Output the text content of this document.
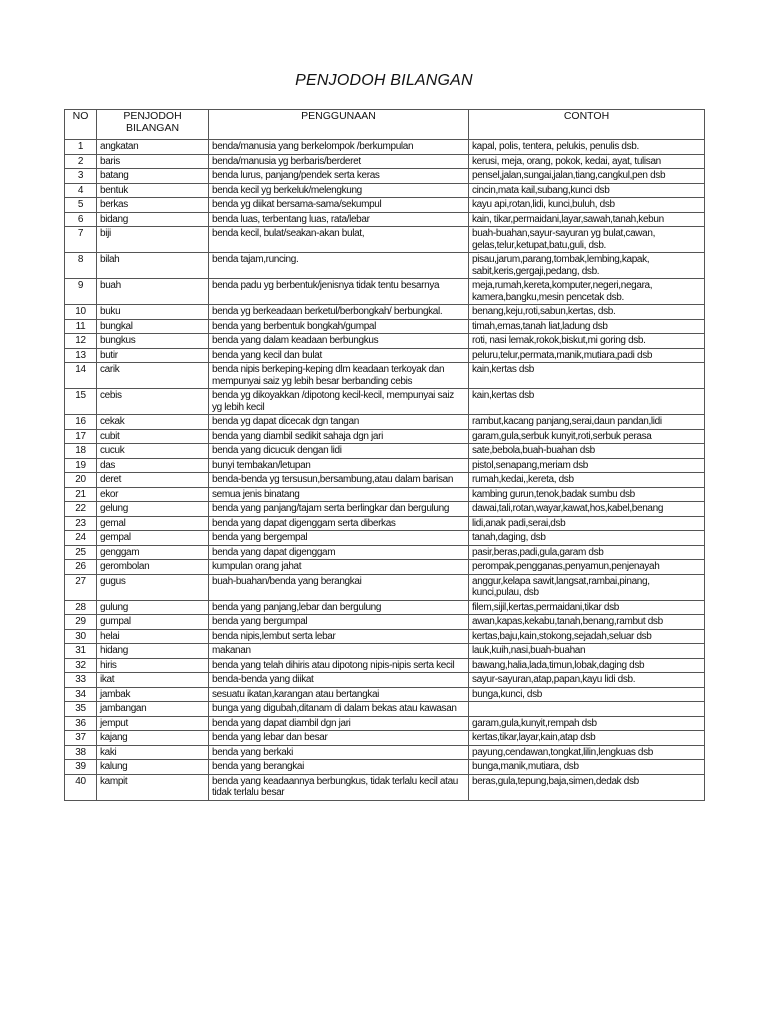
PENJODOH BILANGAN
NO	PENJODOH BILANGAN	PENGGUNAAN	CONTOH
1	angkatan	benda/manusia yang berkelompok /berkumpulan	kapal, polis, tentera, pelukis, penulis dsb.
2	baris	benda/manusia yg berbaris/berderet	kerusi, meja, orang, pokok, kedai, ayat, tulisan
3	batang	benda lurus, panjang/pendek serta keras	pensel,jalan,sungai,jalan,tiang,cangkul,pen dsb
4	bentuk	benda kecil yg berkeluk/melengkung	cincin,mata kail,subang,kunci dsb
5	berkas	benda yg diikat bersama-sama/sekumpul	kayu api,rotan,lidi, kunci,buluh, dsb
6	bidang	benda luas, terbentang luas, rata/lebar	kain, tikar,permaidani,layar,sawah,tanah,kebun
7	biji	benda kecil, bulat/seakan-akan bulat,	buah-buahan,sayur-sayuran yg bulat,cawan, gelas,telur,ketupat,batu,guli, dsb.
8	bilah	benda tajam,runcing.	pisau,jarum,parang,tombak,lembing,kapak, sabit,keris,gergaji,pedang, dsb.
9	buah	benda padu yg berbentuk/jenisnya tidak tentu besarnya	meja,rumah,kereta,komputer,negeri,negara, kamera,bangku,mesin pencetak dsb.
10	buku	benda yg berkeadaan berketul/berbongkah/ berbungkal.	benang,keju,roti,sabun,kertas, dsb.
11	bungkal	benda yang berbentuk bongkah/gumpal	timah,emas,tanah liat,ladung dsb
12	bungkus	benda yang dalam keadaan berbungkus	roti, nasi lemak,rokok,biskut,mi goring dsb.
13	butir	benda yang kecil dan bulat	peluru,telur,permata,manik,mutiara,padi dsb
14	carik	benda nipis berkeping-keping dlm keadaan terkoyak dan mempunyai saiz yg lebih besar berbanding cebis	kain,kertas dsb
15	cebis	benda yg dikoyakkan /dipotong kecil-kecil, mempunyai saiz yg lebih kecil	kain,kertas dsb
16	cekak	benda yg dapat dicecak dgn tangan	rambut,kacang panjang,serai,daun pandan,lidi
17	cubit	benda yang diambil sedikit sahaja dgn jari	garam,gula,serbuk kunyit,roti,serbuk perasa
18	cucuk	benda yang dicucuk dengan lidi	sate,bebola,buah-buahan dsb
19	das	bunyi tembakan/letupan	pistol,senapang,meriam dsb
20	deret	benda-benda yg tersusun,bersambung,atau dalam barisan	rumah,kedai,,kereta, dsb
21	ekor	semua jenis binatang	kambing gurun,tenok,badak sumbu dsb
22	gelung	benda yang panjang/tajam serta berlingkar dan bergulung	dawai,tali,rotan,wayar,kawat,hos,kabel,benang
23	gemal	benda yang dapat digenggam serta diberkas	lidi,anak padi,serai,dsb
24	gempal	benda yang bergempal	tanah,daging, dsb
25	genggam	benda yang dapat digenggam	pasir,beras,padi,gula,garam dsb
26	gerombolan	kumpulan orang jahat	perompak,pengganas,penyamun,penjenayah
27	gugus	buah-buahan/benda yang berangkai	anggur,kelapa sawit,langsat,rambai,pinang, kunci,pulau, dsb
28	gulung	benda yang panjang,lebar dan bergulung	filem,sijil,kertas,permaidani,tikar dsb
29	gumpal	benda yang bergumpal	awan,kapas,kekabu,tanah,benang,rambut dsb
30	helai	benda nipis,lembut serta lebar	kertas,baju,kain,stokong,sejadah,seluar dsb
31	hidang	makanan	lauk,kuih,nasi,buah-buahan
32	hiris	benda yang telah dihiris atau dipotong nipis-nipis serta kecil	bawang,halia,lada,timun,lobak,daging dsb
33	ikat	benda-benda yang diikat	sayur-sayuran,atap,papan,kayu lidi dsb.
34	jambak	sesuatu ikatan,karangan atau bertangkai	bunga,kunci, dsb
35	jambangan	bunga yang digubah,ditanam di dalam bekas atau kawasan	
36	jemput	benda yang dapat diambil dgn jari	garam,gula,kunyit,rempah dsb
37	kajang	benda yang lebar dan besar	kertas,tikar,layar,kain,atap dsb
38	kaki	benda yang berkaki	payung,cendawan,tongkat,lilin,lengkuas dsb
39	kalung	benda yang berangkai	bunga,manik,mutiara, dsb
40	kampit	benda yang keadaannya berbungkus, tidak terlalu kecil atau tidak terlalu besar	beras,gula,tepung,baja,simen,dedak dsb
